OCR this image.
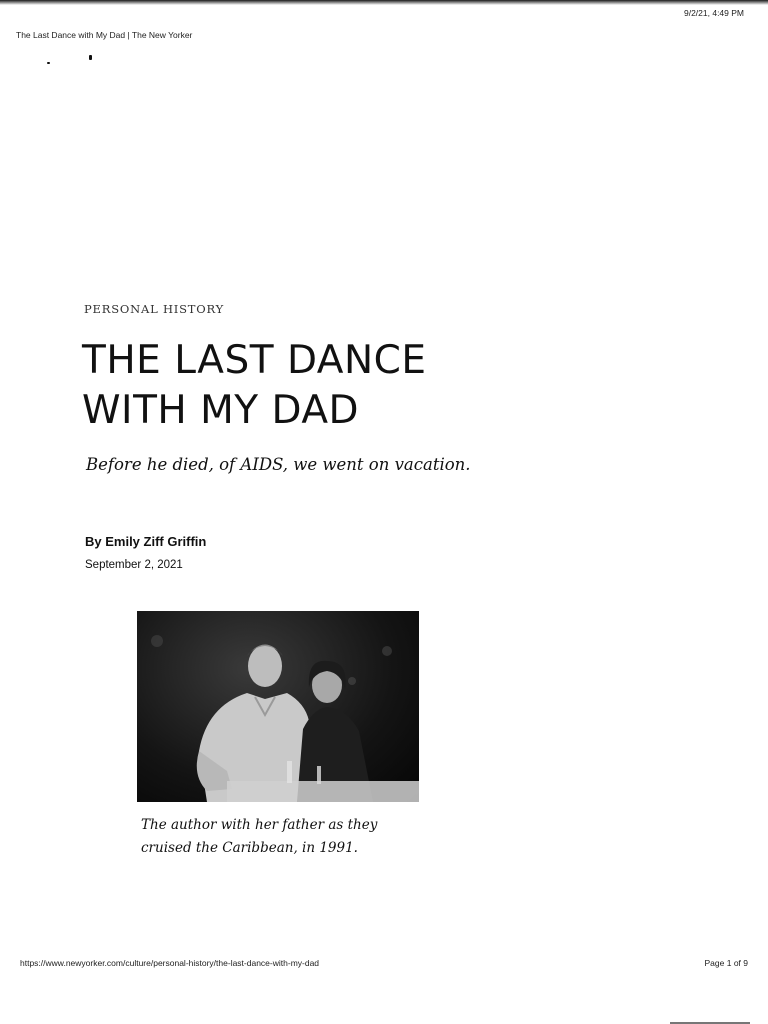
The Last Dance with My Dad | The New Yorker
9/2/21, 4:49 PM
PERSONAL HISTORY
THE LAST DANCE
WITH MY DAD
Before he died, of AIDS, we went on vacation.
By Emily Ziff Griffin
September 2, 2021
The author with her father as they
cruised the Caribbean, in 1991.
https://www.newyorker.com/culture/personal-history/the-last-dance-with-my-dad	Page 1 of 9
